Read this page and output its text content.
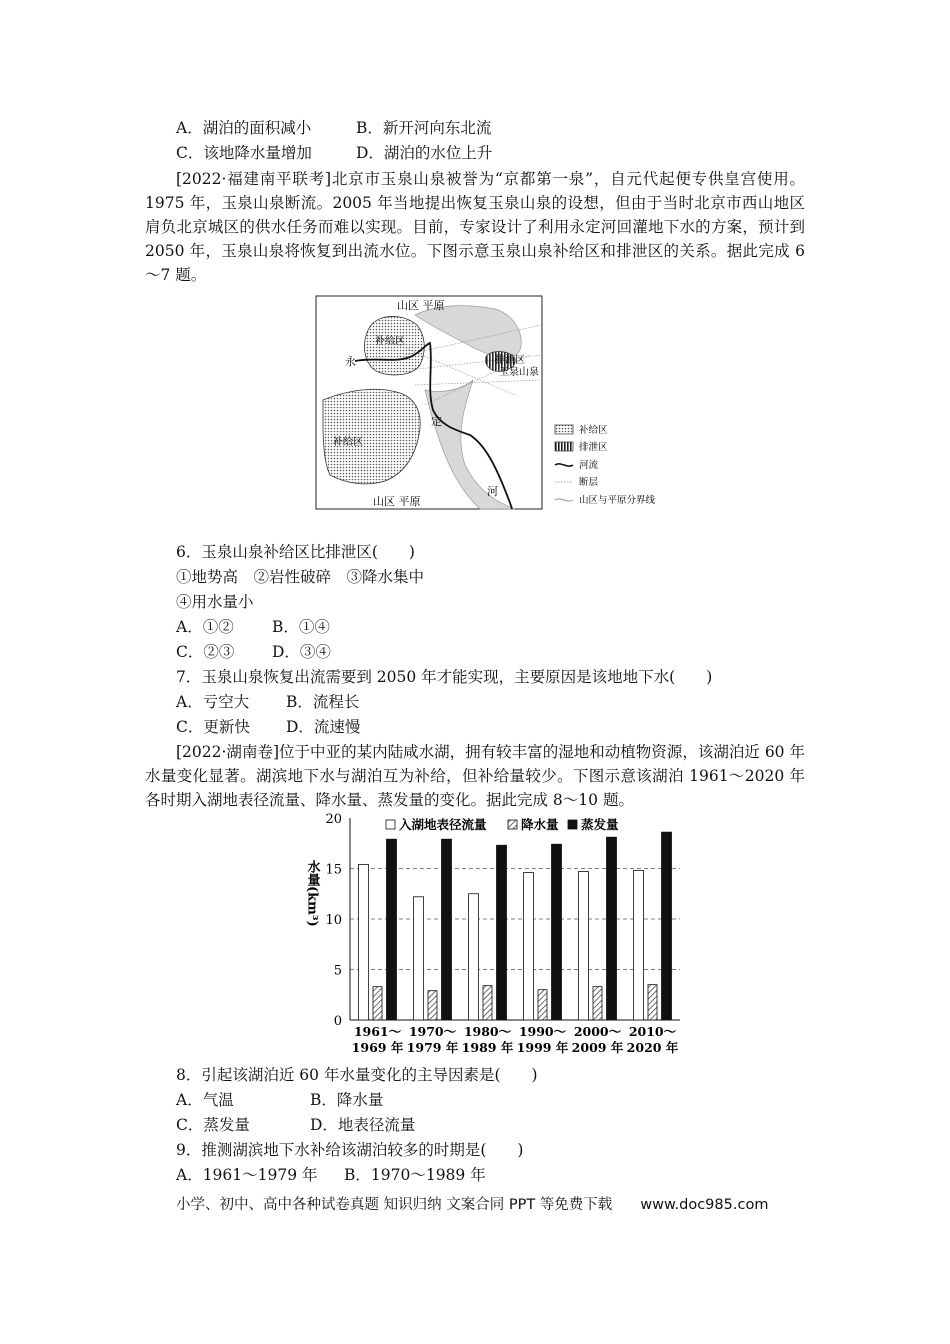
A．湖泊的面积减小	B．新开河向东北流
C．该地降水量增加	D．湖泊的水位上升
[2022·福建南平联考]北京市玉泉山泉被誉为“京都第一泉”，自元代起便专供皇宫使用。1975 年，玉泉山泉断流。2005 年当地提出恢复玉泉山泉的设想，但由于当时北京市西山地区肩负北京城区的供水任务而难以实现。目前，专家设计了利用永定河回灌地下水的方案，预计到 2050 年，玉泉山泉将恢复到出流水位。下图示意玉泉山泉补给区和排泄区的关系。据此完成 6～7 题。
山区 平原
补给区
补给区
排泄区
玉泉山泉
永
定
河
山区 平原
补给区
排泄区
河流
断层
山区与平原分界线
6．玉泉山泉补给区比排泄区(　　)
①地势高　②岩性破碎　③降水集中
④用水量小
A．①② B．①④
C．②③ D．③④
7．玉泉山泉恢复出流需要到 2050 年才能实现，主要原因是该地地下水(　　)
A．亏空大 B．流程长
C．更新快 D．流速慢
[2022·湖南卷]位于中亚的某内陆咸水湖，拥有较丰富的湿地和动植物资源，该湖泊近 60 年水量变化显著。湖滨地下水与湖泊互为补给，但补给量较少。下图示意该湖泊 1961～2020 年各时期入湖地表径流量、降水量、蒸发量的变化。据此完成 8～10 题。
0
5
10
15
20
1961～
1969 年
1970～
1979 年
1980～
1989 年
1990～
1999 年
2000～
2009 年
2010～
2020 年
水量(km³)
入湖地表径流量	降水量 蒸发量
8．引起该湖泊近 60 年水量变化的主导因素是(　　)
A．气温	B．降水量
C．蒸发量	D．地表径流量
9．推测湖滨地下水补给该湖泊较多的时期是(　　)
A．1961～1979 年 B．1970～1989 年
小学、初中、高中各种试卷真题 知识归纳 文案合同 PPT 等免费下载 www.doc985.com
